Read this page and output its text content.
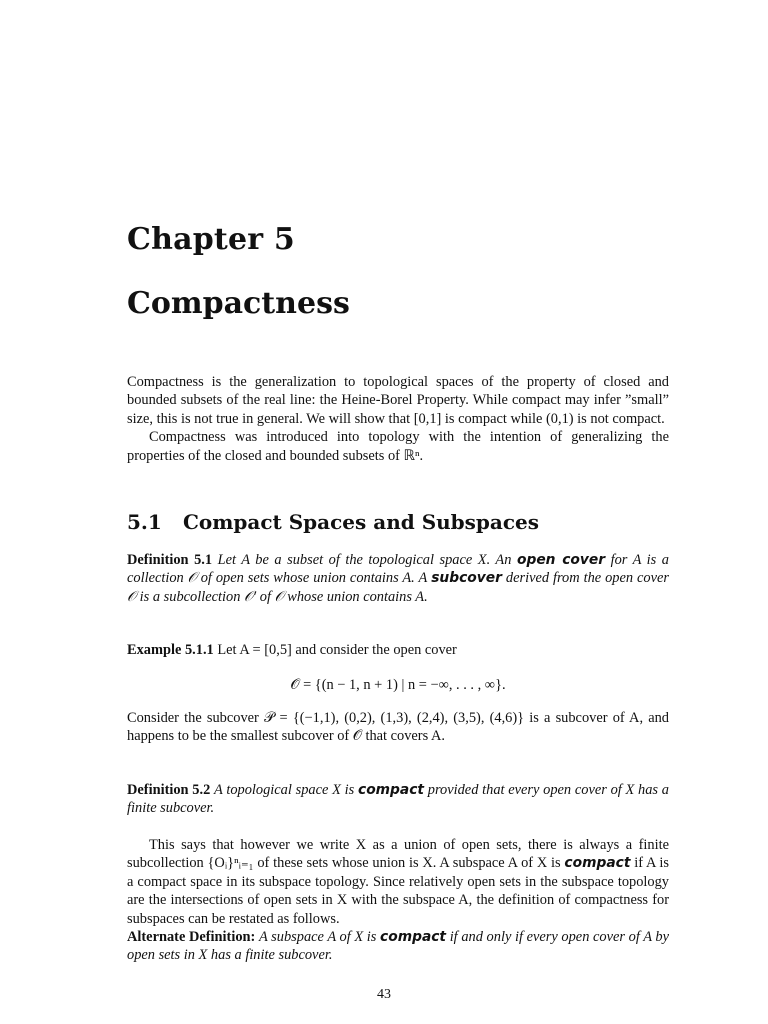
Chapter 5
Compactness

Compactness is the generalization to topological spaces of the property of closed and bounded subsets of the real line: the Heine-Borel Property. While compact may infer ”small” size, this is not true in general. We will show that [0,1] is compact while (0,1) is not compact.

Compactness was introduced into topology with the intention of generalizing the properties of the closed and bounded subsets of ℝⁿ.

5.1 Compact Spaces and Subspaces

Definition 5.1 Let A be a subset of the topological space X. An open cover for A is a collection 𝒪 of open sets whose union contains A. A subcover derived from the open cover 𝒪 is a subcollection 𝒪′ of 𝒪 whose union contains A.

Example 5.1.1 Let A = [0,5] and consider the open cover

𝒪 = {(n − 1, n + 1) | n = −∞, . . . , ∞}.

Consider the subcover 𝒫 = {(−1,1), (0,2), (1,3), (2,4), (3,5), (4,6)} is a subcover of A, and happens to be the smallest subcover of 𝒪 that covers A.

Definition 5.2 A topological space X is compact provided that every open cover of X has a finite subcover.

This says that however we write X as a union of open sets, there is always a finite subcollection {Oᵢ}ⁿᵢ₌₁ of these sets whose union is X. A subspace A of X is compact if A is a compact space in its subspace topology. Since relatively open sets in the subspace topology are the intersections of open sets in X with the subspace A, the definition of compactness for subspaces can be restated as follows.

Alternate Definition: A subspace A of X is compact if and only if every open cover of A by open sets in X has a finite subcover.

43
